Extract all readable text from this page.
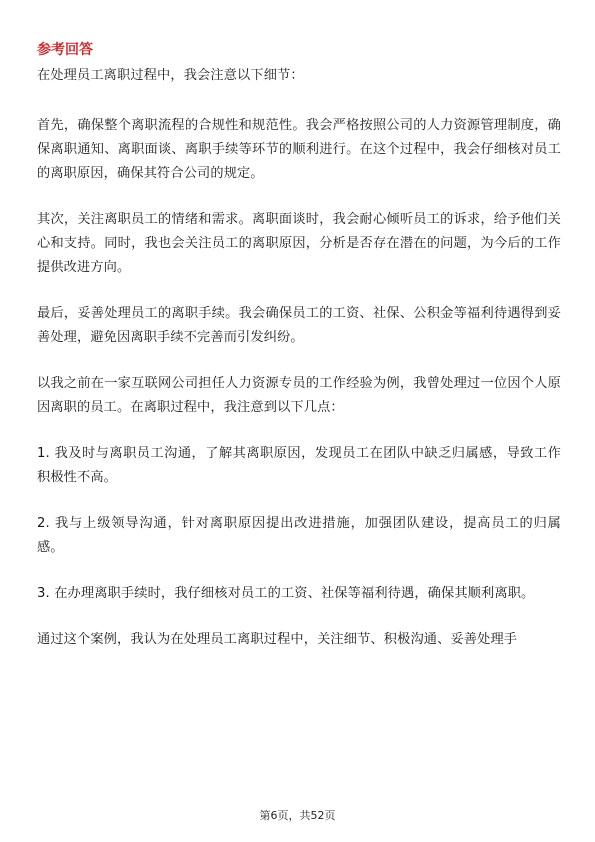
参考回答

在处理员工离职过程中，我会注意以下细节：

首先，确保整个离职流程的合规性和规范性。我会严格按照公司的人力资源管理制度，确保离职通知、离职面谈、离职手续等环节的顺利进行。在这个过程中，我会仔细核对员工的离职原因，确保其符合公司的规定。

其次，关注离职员工的情绪和需求。离职面谈时，我会耐心倾听员工的诉求，给予他们关心和支持。同时，我也会关注员工的离职原因，分析是否存在潜在的问题，为今后的工作提供改进方向。

最后，妥善处理员工的离职手续。我会确保员工的工资、社保、公积金等福利待遇得到妥善处理，避免因离职手续不完善而引发纠纷。

以我之前在一家互联网公司担任人力资源专员的工作经验为例，我曾处理过一位因个人原因离职的员工。在离职过程中，我注意到以下几点：

1. 我及时与离职员工沟通，了解其离职原因，发现员工在团队中缺乏归属感，导致工作积极性不高。

2. 我与上级领导沟通，针对离职原因提出改进措施，加强团队建设，提高员工的归属感。

3. 在办理离职手续时，我仔细核对员工的工资、社保等福利待遇，确保其顺利离职。

通过这个案例，我认为在处理员工离职过程中，关注细节、积极沟通、妥善处理手

第6页，共52页
